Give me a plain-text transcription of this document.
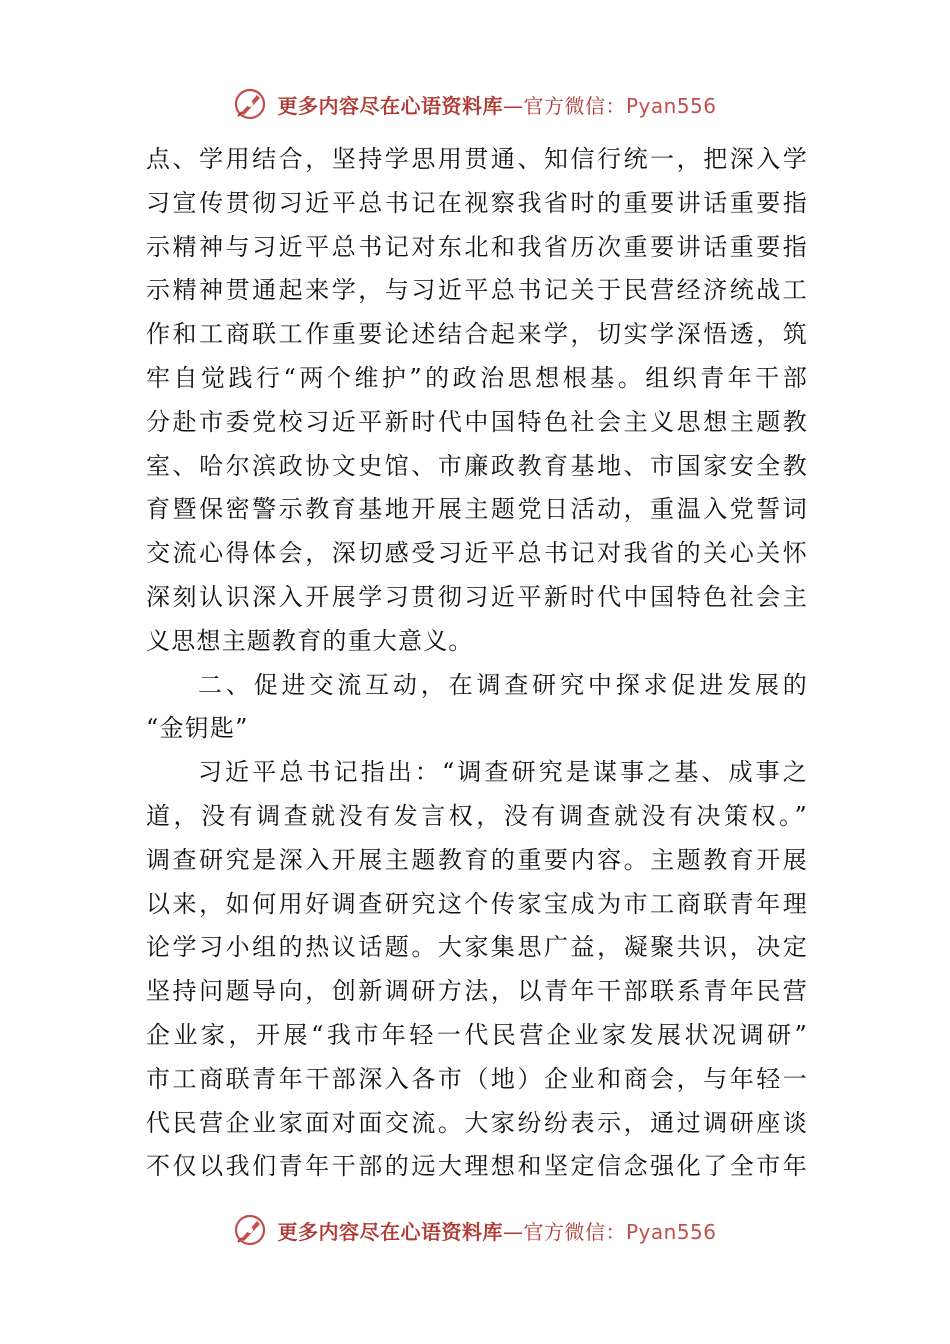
更多内容尽在心语资料库—官方微信：Pyan556
点、学用结合，坚持学思用贯通、知信行统一，把深入学
习宣传贯彻习近平总书记在视察我省时的重要讲话重要指
示精神与习近平总书记对东北和我省历次重要讲话重要指
示精神贯通起来学，与习近平总书记关于民营经济统战工
作和工商联工作重要论述结合起来学，切实学深悟透，筑
牢自觉践行“两个维护”的政治思想根基。组织青年干部
分赴市委党校习近平新时代中国特色社会主义思想主题教
室、哈尔滨政协文史馆、市廉政教育基地、市国家安全教
育暨保密警示教育基地开展主题党日活动，重温入党誓词
交流心得体会，深切感受习近平总书记对我省的关心关怀
深刻认识深入开展学习贯彻习近平新时代中国特色社会主
义思想主题教育的重大意义。
二、促进交流互动，在调查研究中探求促进发展的
“金钥匙”
习近平总书记指出：“调查研究是谋事之基、成事之
道，没有调查就没有发言权，没有调查就没有决策权。”
调查研究是深入开展主题教育的重要内容。主题教育开展
以来，如何用好调查研究这个传家宝成为市工商联青年理
论学习小组的热议话题。大家集思广益，凝聚共识，决定
坚持问题导向，创新调研方法，以青年干部联系青年民营
企业家，开展“我市年轻一代民营企业家发展状况调研”
市工商联青年干部深入各市（地）企业和商会，与年轻一
代民营企业家面对面交流。大家纷纷表示，通过调研座谈
不仅以我们青年干部的远大理想和坚定信念强化了全市年
更多内容尽在心语资料库—官方微信：Pyan556
